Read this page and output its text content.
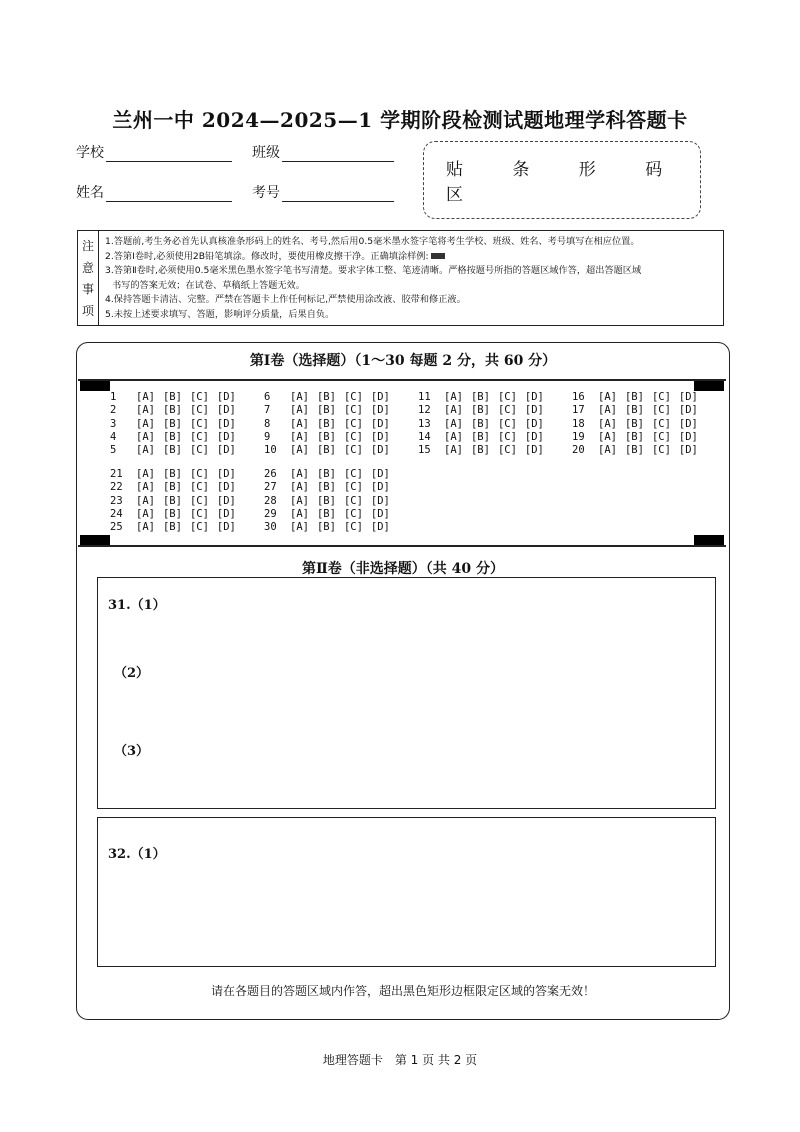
兰州一中 2024—2025—1 学期阶段检测试题地理学科答题卡
学校	班级
姓名	考号
贴 条 形 码 区
注
意
事
项
1.答题前,考生务必首先认真核准条形码上的姓名、考号,然后用0.5毫米墨水签字笔将考生学校、班级、姓名、考号填写在相应位置。
2.答第Ⅰ卷时,必须使用2B铅笔填涂。修改时，要使用橡皮擦干净。正确填涂样例:
3.答第Ⅱ卷时,必须使用0.5毫米黑色墨水签字笔书写清楚。要求字体工整、笔迹清晰。严格按题号所指的答题区域作答，超出答题区域
书写的答案无效；在试卷、草稿纸上答题无效。
4.保持答题卡清洁、完整。严禁在答题卡上作任何标记,严禁使用涂改液、胶带和修正液。
5.未按上述要求填写、答题，影响评分质量，后果自负。
第Ⅰ卷（选择题）（1～30 每题 2 分，共 60 分）
1	[A] [B] [C] [D]
2	[A] [B] [C] [D]
3	[A] [B] [C] [D]
4	[A] [B] [C] [D]
5	[A] [B] [C] [D]
6	[A] [B] [C] [D]
7	[A] [B] [C] [D]
8	[A] [B] [C] [D]
9	[A] [B] [C] [D]
10	[A] [B] [C] [D]
11	[A] [B] [C] [D]
12	[A] [B] [C] [D]
13	[A] [B] [C] [D]
14	[A] [B] [C] [D]
15	[A] [B] [C] [D]
16	[A] [B] [C] [D]
17	[A] [B] [C] [D]
18	[A] [B] [C] [D]
19	[A] [B] [C] [D]
20	[A] [B] [C] [D]
21	[A] [B] [C] [D]
22	[A] [B] [C] [D]
23	[A] [B] [C] [D]
24	[A] [B] [C] [D]
25	[A] [B] [C] [D]
26	[A] [B] [C] [D]
27	[A] [B] [C] [D]
28	[A] [B] [C] [D]
29	[A] [B] [C] [D]
30	[A] [B] [C] [D]
第Ⅱ卷（非选择题）（共 40 分）
31.（1）
（2）
（3）
32.（1）
请在各题目的答题区域内作答，超出黑色矩形边框限定区域的答案无效！
地理答题卡　第 1 页 共 2 页
